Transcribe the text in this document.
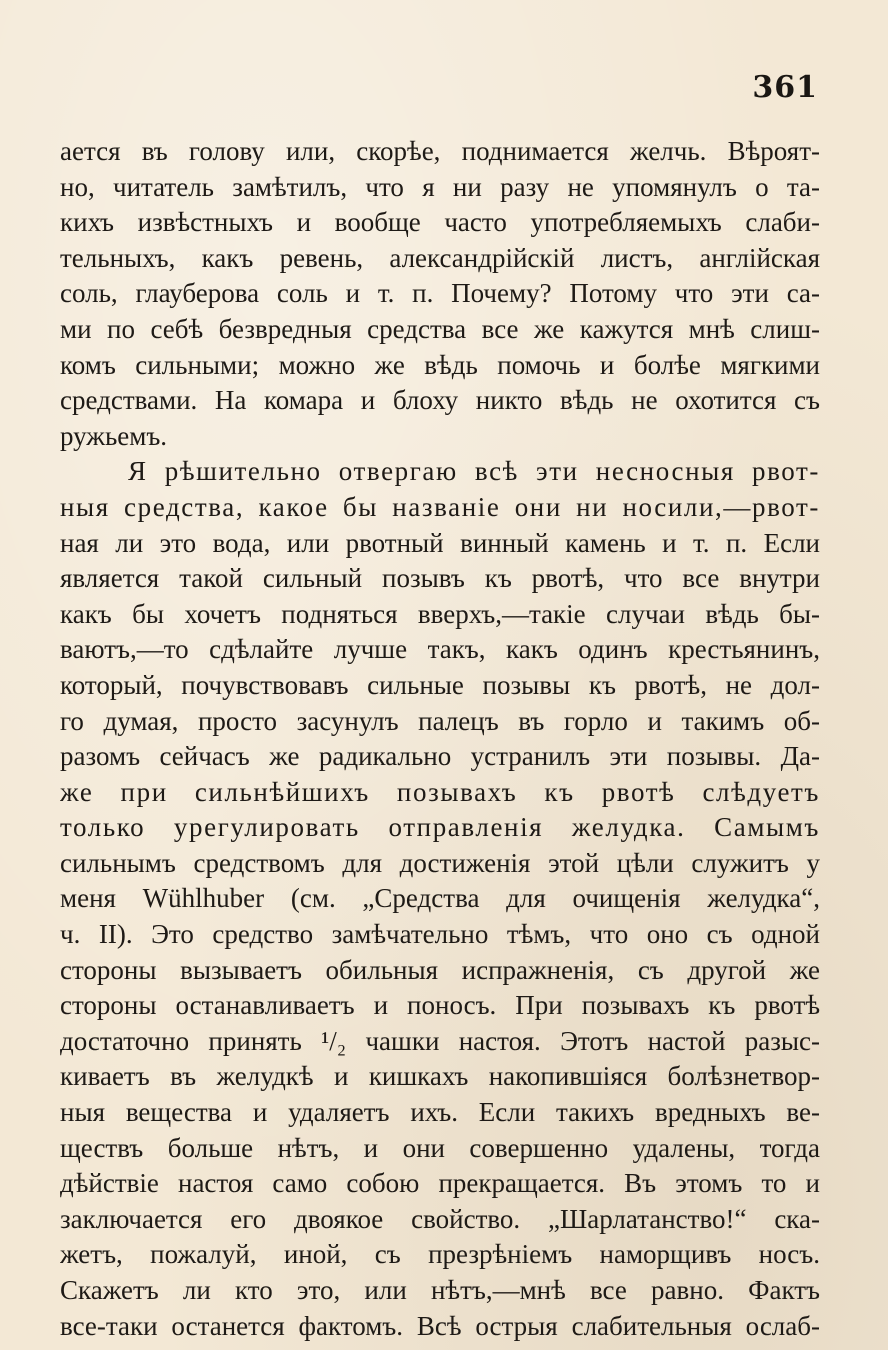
361
ается въ голову или, скорѣе, поднимается желчь. Вѣроят-
но, читатель замѣтилъ, что я ни разу не упомянулъ о та-
кихъ извѣстныхъ и вообще часто употребляемыхъ слаби-
тельныхъ, какъ ревень, александрійскій листъ, англійская
соль, глауберова соль и т. п. Почему? Потому что эти са-
ми по себѣ безвредныя средства все же кажутся мнѣ слиш-
комъ сильными; можно же вѣдь помочь и болѣе мягкими
средствами. На комара и блоху никто вѣдь не охотится съ
ружьемъ.
Я рѣшительно отвергаю всѣ эти несносныя рвот-
ныя средства, какое бы названіе они ни носили,—рвот-
ная ли это вода, или рвотный винный камень и т. п. Если
является такой сильный позывъ къ рвотѣ, что все внутри
какъ бы хочетъ подняться вверхъ,—такіе случаи вѣдь бы-
ваютъ,—то сдѣлайте лучше такъ, какъ одинъ крестьянинъ,
который, почувствовавъ сильные позывы къ рвотѣ, не дол-
го думая, просто засунулъ палецъ въ горло и такимъ об-
разомъ сейчасъ же радикально устранилъ эти позывы. Да-
же при сильнѣйшихъ позывахъ къ рвотѣ слѣдуетъ
только урегулировать отправленія желудка. Самымъ
сильнымъ средствомъ для достиженія этой цѣли служитъ у
меня Wühlhuber (см. „Средства для очищенія желудка“,
ч. II). Это средство замѣчательно тѣмъ, что оно съ одной
стороны вызываетъ обильныя испражненія, съ другой же
стороны останавливаетъ и поносъ. При позывахъ къ рвотѣ
достаточно принять ¹/₂ чашки настоя. Этотъ настой разыс-
киваетъ въ желудкѣ и кишкахъ накопившіяся болѣзнетвор-
ныя вещества и удаляетъ ихъ. Если такихъ вредныхъ ве-
ществъ больше нѣтъ, и они совершенно удалены, тогда
дѣйствіе настоя само собою прекращается. Въ этомъ то и
заключается его двоякое свойство. „Шарлатанство!“ ска-
жетъ, пожалуй, иной, съ презрѣніемъ наморщивъ носъ.
Скажетъ ли кто это, или нѣтъ,—мнѣ все равно. Фактъ
все-таки останется фактомъ. Всѣ острыя слабительныя ослаб-
